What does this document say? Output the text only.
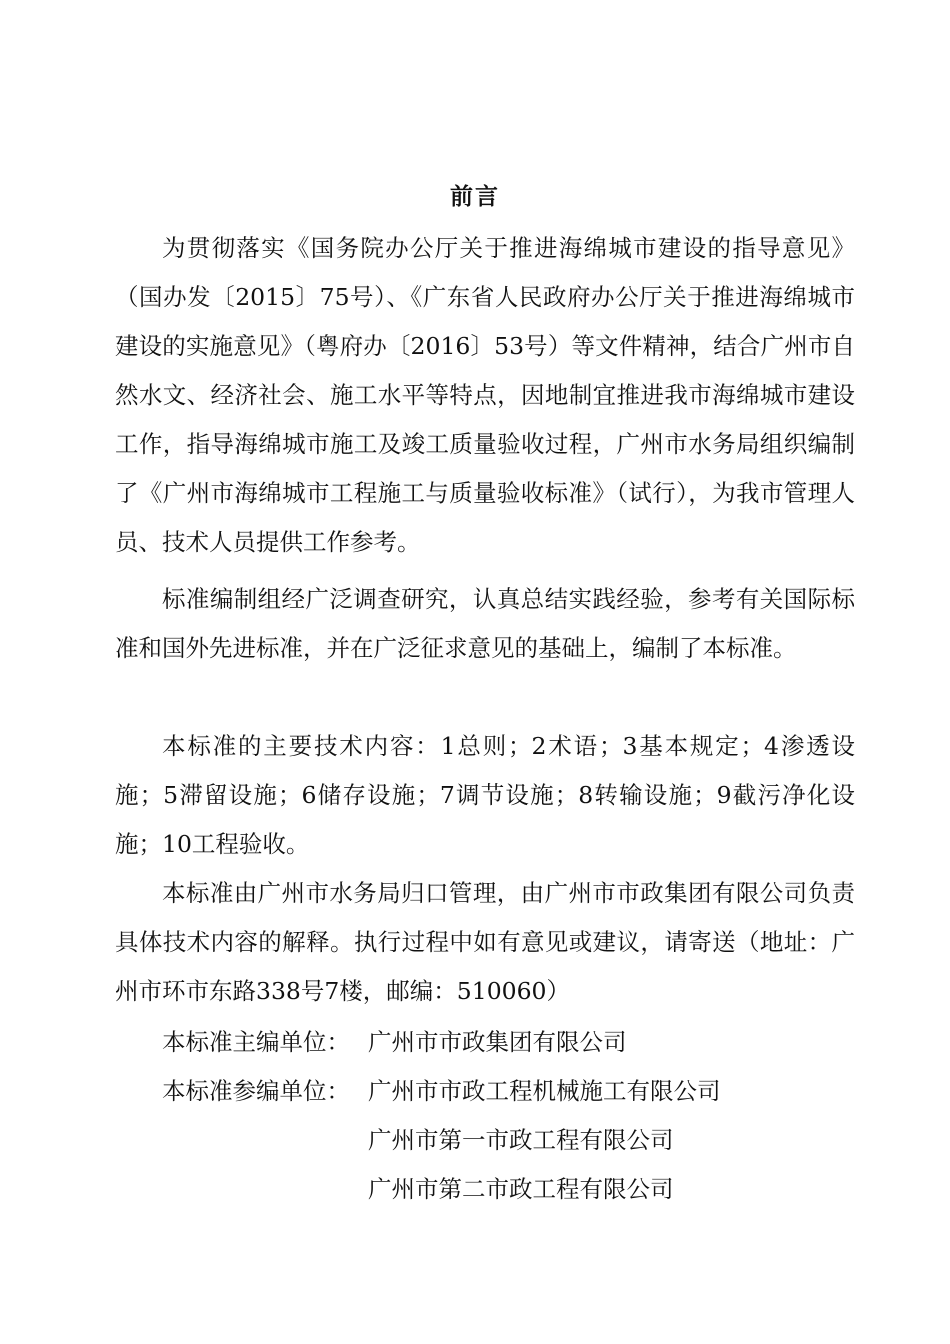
前言

为贯彻落实《国务院办公厅关于推进海绵城市建设的指导意见》（国办发〔2015〕75号）、《广东省人民政府办公厅关于推进海绵城市建设的实施意见》（粤府办〔2016〕53号）等文件精神，结合广州市自然水文、经济社会、施工水平等特点，因地制宜推进我市海绵城市建设工作，指导海绵城市施工及竣工质量验收过程，广州市水务局组织编制了《广州市海绵城市工程施工与质量验收标准》（试行），为我市管理人员、技术人员提供工作参考。

标准编制组经广泛调查研究，认真总结实践经验，参考有关国际标准和国外先进标准，并在广泛征求意见的基础上，编制了本标准。

本标准的主要技术内容：1总则；2术语；3基本规定；4渗透设施；5滞留设施；6储存设施；7调节设施；8转输设施；9截污净化设施；10工程验收。

本标准由广州市水务局归口管理，由广州市市政集团有限公司负责具体技术内容的解释。执行过程中如有意见或建议，请寄送（地址：广州市环市东路338号7楼，邮编：510060）

本标准主编单位： 广州市市政集团有限公司
本标准参编单位： 广州市市政工程机械施工有限公司
广州市第一市政工程有限公司
广州市第二市政工程有限公司
